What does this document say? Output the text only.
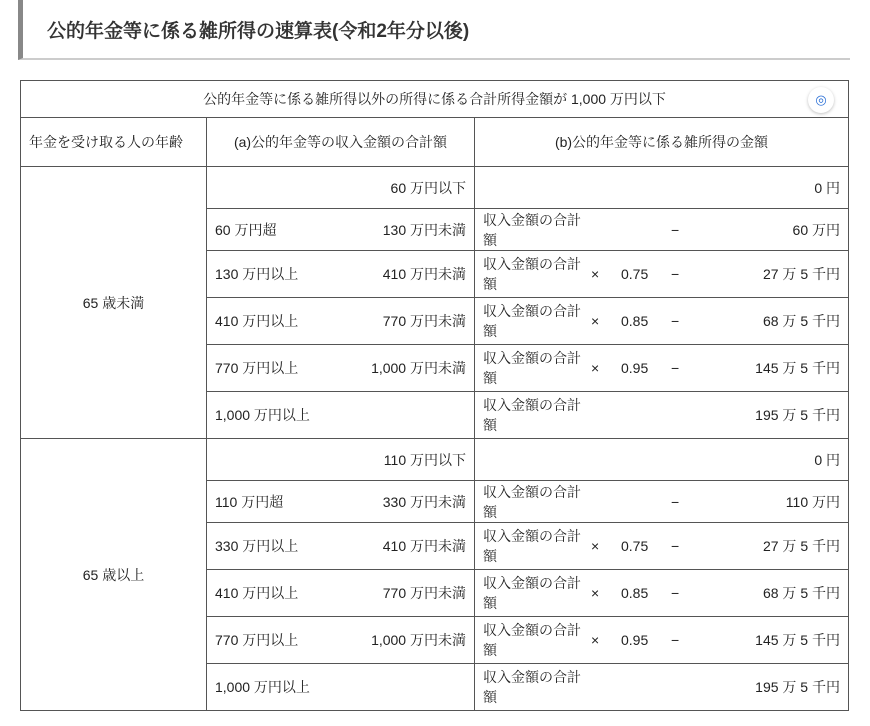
公的年金等に係る雑所得の速算表(令和2年分以後)
公的年金等に係る雑所得以外の所得に係る合計所得金額が 1,000 万円以下	◎

年金を受け取る人の年齢	(a)公的年金等の収入金額の合計額	(b)公的年金等に係る雑所得の金額
65 歳未満	
60 万円以下	0 円

60 万円超	130 万円未満

収入金額の合計額
−	60 万円

130 万円以上	410 万円未満

収入金額の合計額
×	0.75	−	27 万 5 千円

410 万円以上	770 万円未満

収入金額の合計額
×	0.85	−	68 万 5 千円

770 万円以上	1,000 万円未満

収入金額の合計額
×	0.95	−	145 万 5 千円

1,000 万円以上

収入金額の合計額
195 万 5 千円

65 歳以上	
110 万円以下	0 円

110 万円超	330 万円未満

収入金額の合計額
−	110 万円

330 万円以上	410 万円未満

収入金額の合計額
×	0.75	−	27 万 5 千円

410 万円以上	770 万円未満

収入金額の合計額
×	0.85	−	68 万 5 千円

770 万円以上	1,000 万円未満

収入金額の合計額
×	0.95	−	145 万 5 千円

1,000 万円以上

収入金額の合計額
195 万 5 千円
